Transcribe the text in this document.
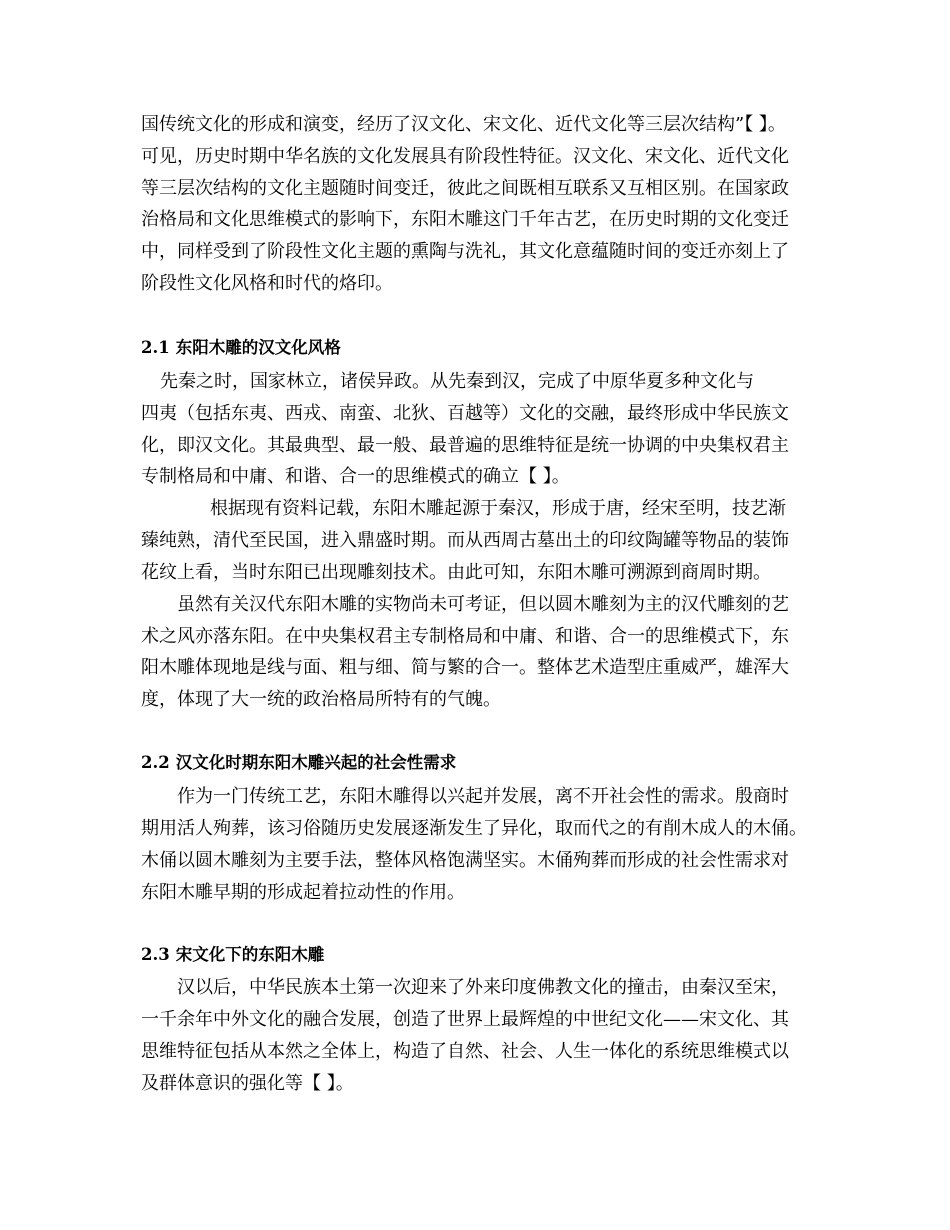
国传统文化的形成和演变，经历了汉文化、宋文化、近代文化等三层次结构”【 】。
可见，历史时期中华名族的文化发展具有阶段性特征。汉文化、宋文化、近代文化
等三层次结构的文化主题随时间变迁，彼此之间既相互联系又互相区别。在国家政
治格局和文化思维模式的影响下，东阳木雕这门千年古艺，在历史时期的文化变迁
中，同样受到了阶段性文化主题的熏陶与洗礼，其文化意蕴随时间的变迁亦刻上了
阶段性文化风格和时代的烙印。
2.1 东阳木雕的汉文化风格
先秦之时，国家林立，诸侯异政。从先秦到汉，完成了中原华夏多种文化与
四夷（包括东夷、西戎、南蛮、北狄、百越等）文化的交融，最终形成中华民族文
化，即汉文化。其最典型、最一般、最普遍的思维特征是统一协调的中央集权君主
专制格局和中庸、和谐、合一的思维模式的确立【 】。
根据现有资料记载，东阳木雕起源于秦汉，形成于唐，经宋至明，技艺渐
臻纯熟，清代至民国，进入鼎盛时期。而从西周古墓出土的印纹陶罐等物品的装饰
花纹上看，当时东阳已出现雕刻技术。由此可知，东阳木雕可溯源到商周时期。
虽然有关汉代东阳木雕的实物尚未可考证，但以圆木雕刻为主的汉代雕刻的艺
术之风亦落东阳。在中央集权君主专制格局和中庸、和谐、合一的思维模式下，东
阳木雕体现地是线与面、粗与细、简与繁的合一。整体艺术造型庄重威严，雄浑大
度，体现了大一统的政治格局所特有的气魄。
2.2 汉文化时期东阳木雕兴起的社会性需求
作为一门传统工艺，东阳木雕得以兴起并发展，离不开社会性的需求。殷商时
期用活人殉葬，该习俗随历史发展逐渐发生了异化，取而代之的有削木成人的木俑。
木俑以圆木雕刻为主要手法，整体风格饱满坚实。木俑殉葬而形成的社会性需求对
东阳木雕早期的形成起着拉动性的作用。
2.3 宋文化下的东阳木雕
汉以后，中华民族本土第一次迎来了外来印度佛教文化的撞击，由秦汉至宋，
一千余年中外文化的融合发展，创造了世界上最辉煌的中世纪文化——宋文化、其
思维特征包括从本然之全体上，构造了自然、社会、人生一体化的系统思维模式以
及群体意识的强化等【 】。
